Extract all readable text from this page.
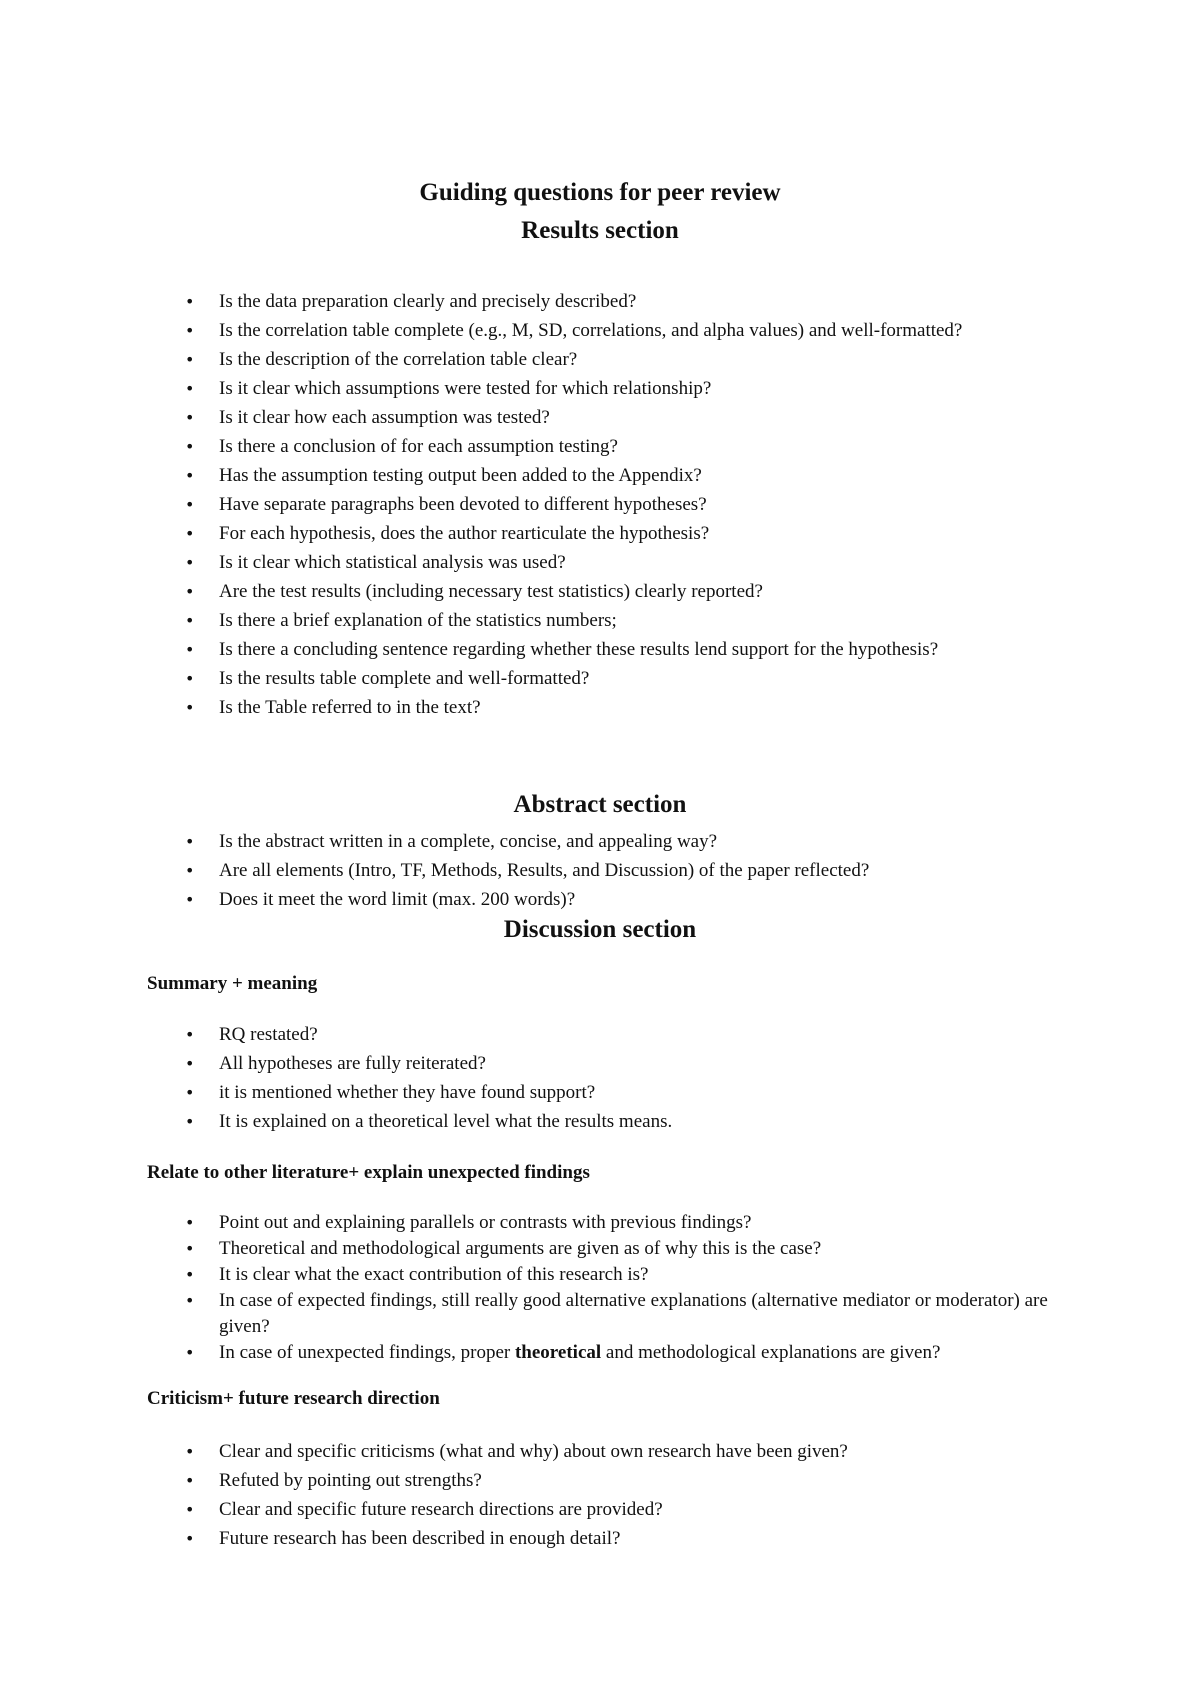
Guiding questions for peer review
Results section
• Is the data preparation clearly and precisely described?
• Is the correlation table complete (e.g., M, SD, correlations, and alpha values) and well-formatted?
• Is the description of the correlation table clear?
• Is it clear which assumptions were tested for which relationship?
• Is it clear how each assumption was tested?
• Is there a conclusion of for each assumption testing?
• Has the assumption testing output been added to the Appendix?
• Have separate paragraphs been devoted to different hypotheses?
• For each hypothesis, does the author rearticulate the hypothesis?
• Is it clear which statistical analysis was used?
• Are the test results (including necessary test statistics) clearly reported?
• Is there a brief explanation of the statistics numbers;
• Is there a concluding sentence regarding whether these results lend support for the hypothesis?
• Is the results table complete and well-formatted?
• Is the Table referred to in the text?
Abstract section
• Is the abstract written in a complete, concise, and appealing way?
• Are all elements (Intro, TF, Methods, Results, and Discussion) of the paper reflected?
• Does it meet the word limit (max. 200 words)?
Discussion section

Summary + meaning

• RQ restated?
• All hypotheses are fully reiterated?
• it is mentioned whether they have found support?
• It is explained on a theoretical level what the results means.

Relate to other literature+ explain unexpected findings

• Point out and explaining parallels or contrasts with previous findings?
• Theoretical and methodological arguments are given as of why this is the case?
• It is clear what the exact contribution of this research is?
• In case of expected findings, still really good alternative explanations (alternative mediator or moderator) are given?
• In case of unexpected findings, proper theoretical and methodological explanations are given?

Criticism+ future research direction

• Clear and specific criticisms (what and why) about own research have been given?
• Refuted by pointing out strengths?
• Clear and specific future research directions are provided?
• Future research has been described in enough detail?
